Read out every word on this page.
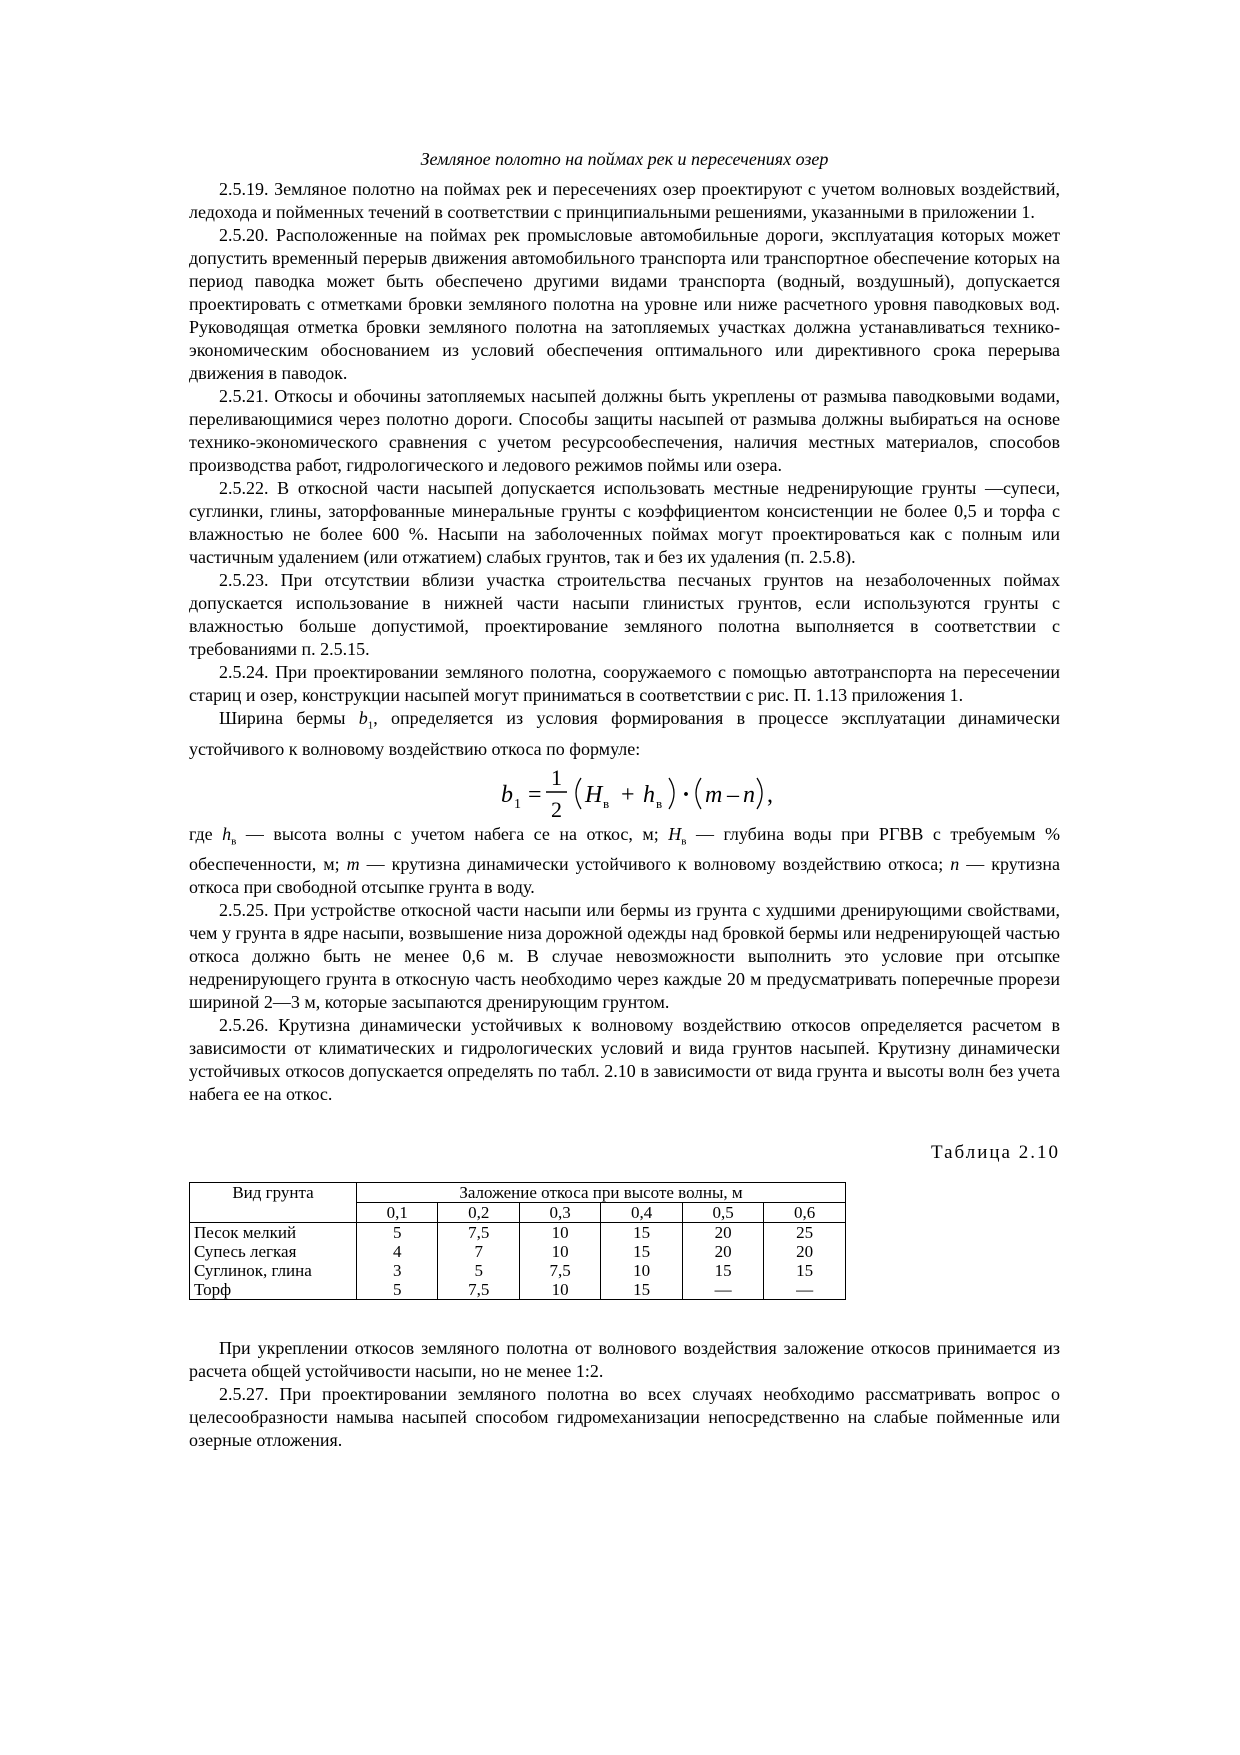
Земляное полотно на поймах рек и пересечениях озер

2.5.19. Земляное полотно на поймах рек и пересечениях озер проектируют с учетом волновых воздействий, ледохода и пойменных течений в соответствии с принципиальными решениями, указанными в приложении 1.

2.5.20. Расположенные на поймах рек промысловые автомобильные дороги, эксплуатация которых может допустить временный перерыв движения автомобильного транспорта или транспортное обеспечение которых на период паводка может быть обеспечено другими видами транспорта (водный, воздушный), допускается проектировать с отметками бровки земляного полотна на уровне или ниже расчетного уровня паводковых вод. Руководящая отметка бровки земляного полотна на затопляемых участках должна устанавливаться технико-экономическим обоснованием из условий обеспечения оптимального или директивного срока перерыва движения в паводок.

2.5.21. Откосы и обочины затопляемых насыпей должны быть укреплены от размыва паводковыми водами, переливающимися через полотно дороги. Способы защиты насыпей от размыва должны выбираться на основе технико-экономического сравнения с учетом ресурсообеспечения, наличия местных материалов, способов производства работ, гидрологического и ледового режимов поймы или озера.

2.5.22. В откосной части насыпей допускается использовать местные недренирующие грунты —супеси, суглинки, глины, заторфованные минеральные грунты с коэффициентом консистенции не более 0,5 и торфа с влажностью не более 600 %. Насыпи на заболоченных поймах могут проектироваться как с полным или частичным удалением (или отжатием) слабых грунтов, так и без их удаления (п. 2.5.8).

2.5.23. При отсутствии вблизи участка строительства песчаных грунтов на незаболоченных поймах допускается использование в нижней части насыпи глинистых грунтов, если используются грунты с влажностью больше допустимой, проектирование земляного полотна выполняется в соответствии с требованиями п. 2.5.15.

2.5.24. При проектировании земляного полотна, сооружаемого с помощью автотранспорта на пересечении стариц и озер, конструкции насыпей могут приниматься в соответствии с рис. П. 1.13 приложения 1.

Ширина бермы $b_1$, определяется из условия формирования в процессе эксплуатации динамически устойчивого к волновому воздействию откоса по формуле:

b 1 =
1
2
H в + h в · m – n ,

где $h_в$ — высота волны с учетом набега се на откос, м; $H_в$ — глубина воды при РГВВ с требуемым % обеспеченности, м; m — крутизна динамически устойчивого к волновому воздействию откоса; n — крутизна откоса при свободной отсыпке грунта в воду.

2.5.25. При устройстве откосной части насыпи или бермы из грунта с худшими дренирующими свойствами, чем у грунта в ядре насыпи, возвышение низа дорожной одежды над бровкой бермы или недренирующей частью откоса должно быть не менее 0,6 м. В случае невозможности выполнить это условие при отсыпке недренирующего грунта в откосную часть необходимо через каждые 20 м предусматривать поперечные прорези шириной 2—3 м, которые засыпаются дренирующим грунтом.

2.5.26. Крутизна динамически устойчивых к волновому воздействию откосов определяется расчетом в зависимости от климатических и гидрологических условий и вида грунтов насыпей. Крутизну динамически устойчивых откосов допускается определять по табл. 2.10 в зависимости от вида грунта и высоты волн без учета набега ее на откос.

Таблица 2.10
Вид грунта	Заложение откоса при высоте волны, м					
	0,1	0,2	0,3	0,4	0,5	0,6
Песок мелкий	5	7,5	10	15	20	25
Супесь легкая	4	7	10	15	20	20
Суглинок, глина	3	5	7,5	10	15	15
Торф	5	7,5	10	15	—	—

При укреплении откосов земляного полотна от волнового воздействия заложение откосов принимается из расчета общей устойчивости насыпи, но не менее 1:2.

2.5.27. При проектировании земляного полотна во всех случаях необходимо рассматривать вопрос о целесообразности намыва насыпей способом гидромеханизации непосредственно на слабые пойменные или озерные отложения.
